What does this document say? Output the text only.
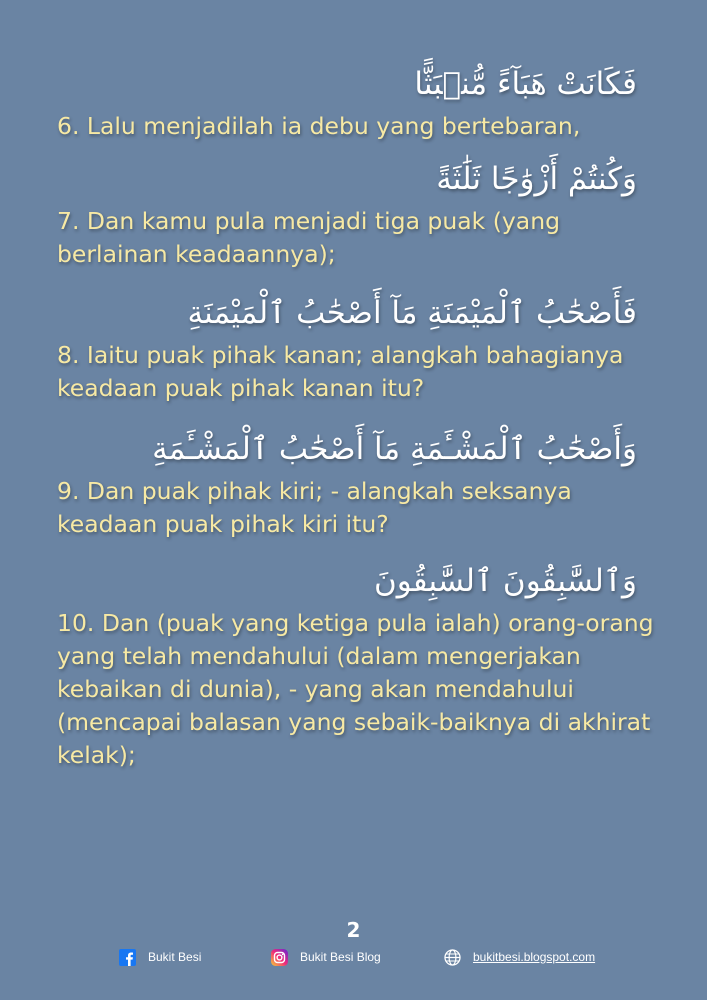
فَكَانَتْ هَبَآءً مُّنۢبَثًّا
6. Lalu menjadilah ia debu yang bertebaran,
وَكُنتُمْ أَزْوَٰجًا ثَلَٰثَةً
7. Dan kamu pula menjadi tiga puak (yang berlainan keadaannya);
فَأَصْحَٰبُ ٱلْمَيْمَنَةِ مَآ أَصْحَٰبُ ٱلْمَيْمَنَةِ
8. Iaitu puak pihak kanan; alangkah bahagianya keadaan puak pihak kanan itu?
وَأَصْحَٰبُ ٱلْمَشْـَٔمَةِ مَآ أَصْحَٰبُ ٱلْمَشْـَٔمَةِ
9. Dan puak pihak kiri; - alangkah seksanya keadaan puak pihak kiri itu?
وَٱلسَّٰبِقُونَ ٱلسَّٰبِقُونَ
10. Dan (puak yang ketiga pula ialah) orang-orang yang telah mendahului (dalam mengerjakan kebaikan di dunia), - yang akan mendahului (mencapai balasan yang sebaik-baiknya di akhirat kelak);
2
Bukit Besi	Bukit Besi Blog	bukitbesi.blogspot.com
